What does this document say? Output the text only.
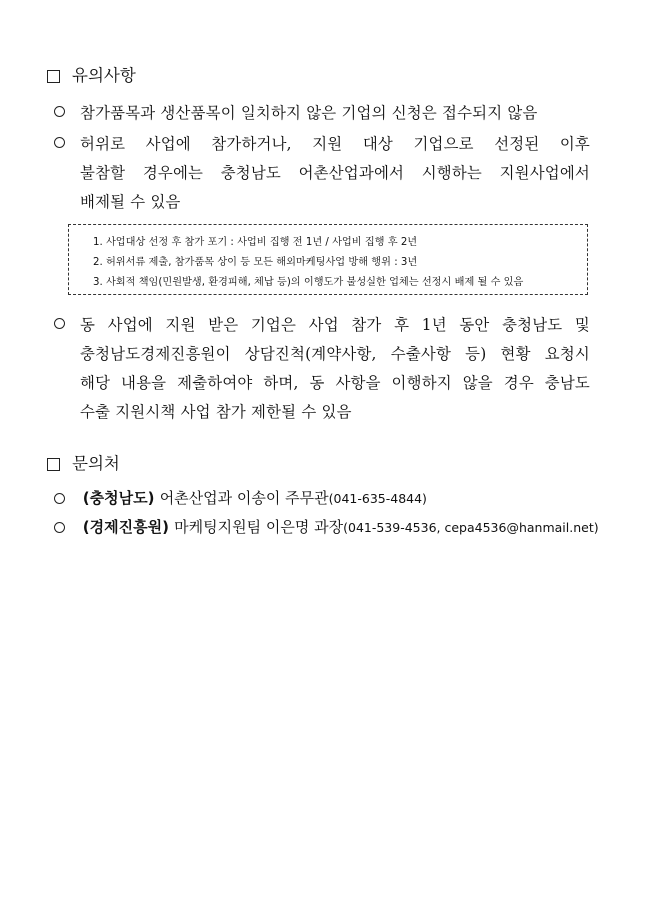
유의사항
참가품목과 생산품목이 일치하지 않은 기업의 신청은 접수되지 않음
허위로 사업에 참가하거나, 지원 대상 기업으로 선정된 이후
불참할 경우에는 충청남도 어촌산업과에서 시행하는 지원사업에서
배제될 수 있음
1. 사업대상 선정 후 참가 포기 : 사업비 집행 전 1년 / 사업비 집행 후 2년
2. 허위서류 제출, 참가품목 상이 등 모든 해외마케팅사업 방해 행위 : 3년
3. 사회적 책임(민원발생, 환경피해, 체납 등)의 이행도가 불성실한 업체는 선정시 배제 될 수 있음
동 사업에 지원 받은 기업은 사업 참가 후 1년 동안 충청남도 및
충청남도경제진흥원이 상담진척(계약사항, 수출사항 등) 현황 요청시
해당 내용을 제출하여야 하며, 동 사항을 이행하지 않을 경우 충남도
수출 지원시책 사업 참가 제한될 수 있음
문의처
(충청남도) 어촌산업과 이송이 주무관(041-635-4844)
(경제진흥원) 마케팅지원팀 이은명 과장(041-539-4536, cepa4536@hanmail.net)
